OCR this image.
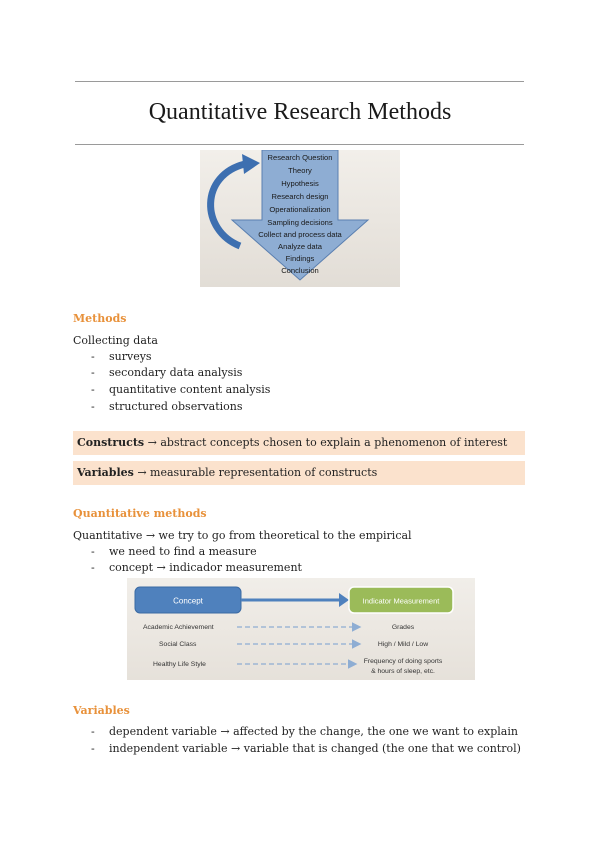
Quantitative Research Methods
Research Question
Theory
Hypothesis
Research design
Operationalization
Sampling decisions
Collect and process data
Analyze data
Findings
Conclusion
Methods
Collecting data
- surveys
- secondary data analysis
- quantitative content analysis
- structured observations
Constructs → abstract concepts chosen to explain a phenomenon of interest
Variables → measurable representation of constructs
Quantitative methods
Quantitative → we try to go from theoretical to the empirical
- we need to find a measure
- concept → indicador measurement
Concept	Indicator Measurement
Academic Achievement
Social Class
Healthy Life Style
Grades
High / Mild / Low
Frequency of doing sports
& hours of sleep, etc.
Variables
- dependent variable → affected by the change, the one we want to explain
- independent variable → variable that is changed (the one that we control)
